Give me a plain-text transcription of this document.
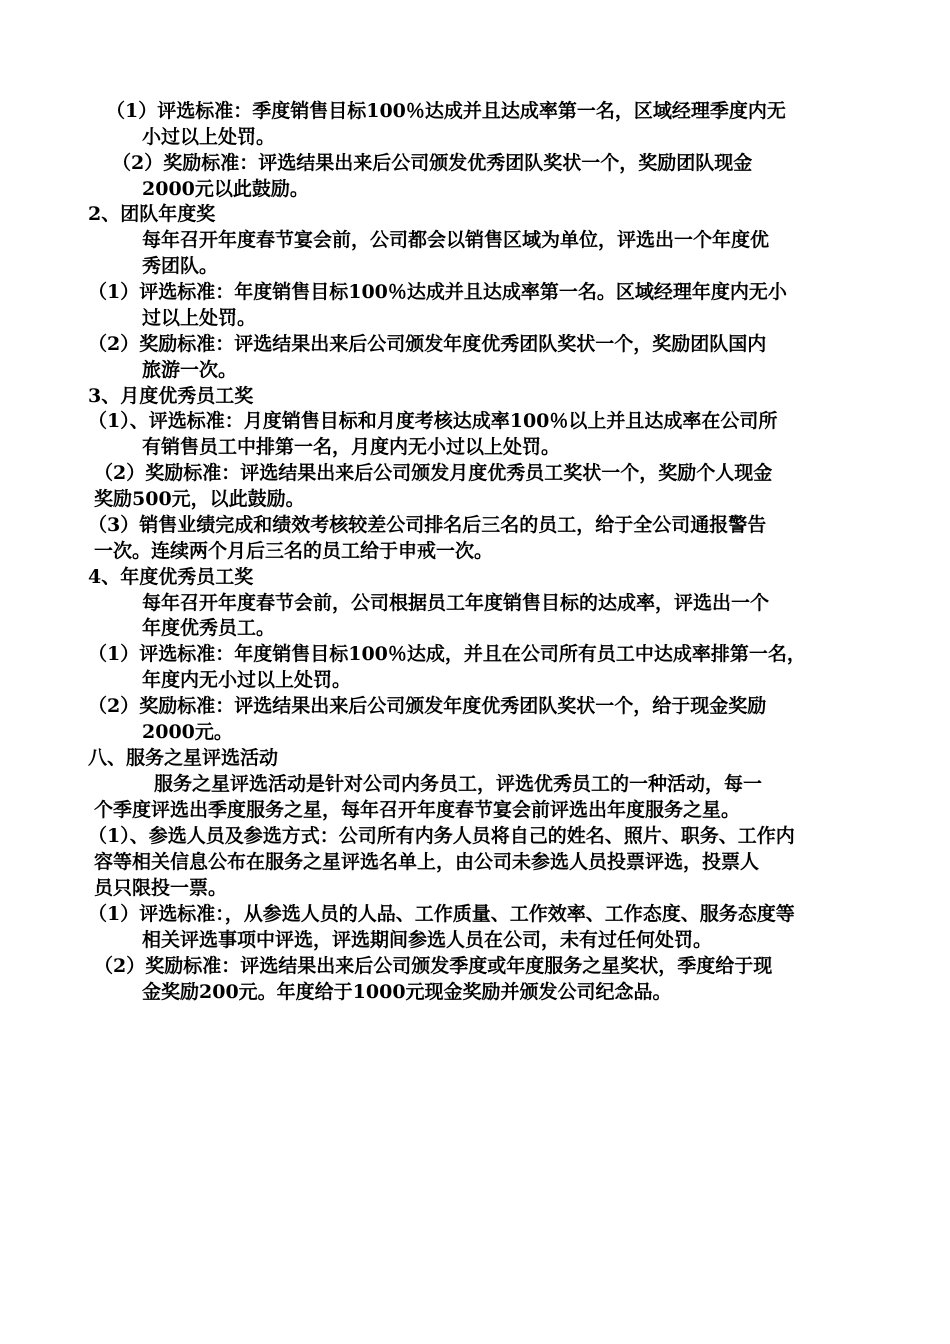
（1）评选标准：季度销售目标100％达成并且达成率第一名，区域经理季度内无
小过以上处罚。
（2）奖励标准：评选结果出来后公司颁发优秀团队奖状一个，奖励团队现金
2000元以此鼓励。
2、团队年度奖
每年召开年度春节宴会前，公司都会以销售区域为单位，评选出一个年度优
秀团队。
（1）评选标准：年度销售目标100％达成并且达成率第一名。区域经理年度内无小
过以上处罚。
（2）奖励标准：评选结果出来后公司颁发年度优秀团队奖状一个，奖励团队国内
旅游一次。
3、月度优秀员工奖
（1）、评选标准：月度销售目标和月度考核达成率100％以上并且达成率在公司所
有销售员工中排第一名，月度内无小过以上处罚。
（2）奖励标准：评选结果出来后公司颁发月度优秀员工奖状一个，奖励个人现金
奖励500元，以此鼓励。
（3）销售业绩完成和绩效考核较差公司排名后三名的员工，给于全公司通报警告
一次。连续两个月后三名的员工给于申戒一次。
4、年度优秀员工奖
每年召开年度春节会前，公司根据员工年度销售目标的达成率，评选出一个
年度优秀员工。
（1）评选标准：年度销售目标100％达成，并且在公司所有员工中达成率排第一名，
年度内无小过以上处罚。
（2）奖励标准：评选结果出来后公司颁发年度优秀团队奖状一个，给于现金奖励
2000元。
八、服务之星评选活动
服务之星评选活动是针对公司内务员工，评选优秀员工的一种活动，每一
个季度评选出季度服务之星，每年召开年度春节宴会前评选出年度服务之星。
（1）、参选人员及参选方式：公司所有内务人员将自己的姓名、照片、职务、工作内
容等相关信息公布在服务之星评选名单上，由公司未参选人员投票评选，投票人
员只限投一票。
（1）评选标准：，从参选人员的人品、工作质量、工作效率、工作态度、服务态度等
相关评选事项中评选，评选期间参选人员在公司，未有过任何处罚。
（2）奖励标准：评选结果出来后公司颁发季度或年度服务之星奖状，季度给于现
金奖励200元。年度给于1000元现金奖励并颁发公司纪念品。
